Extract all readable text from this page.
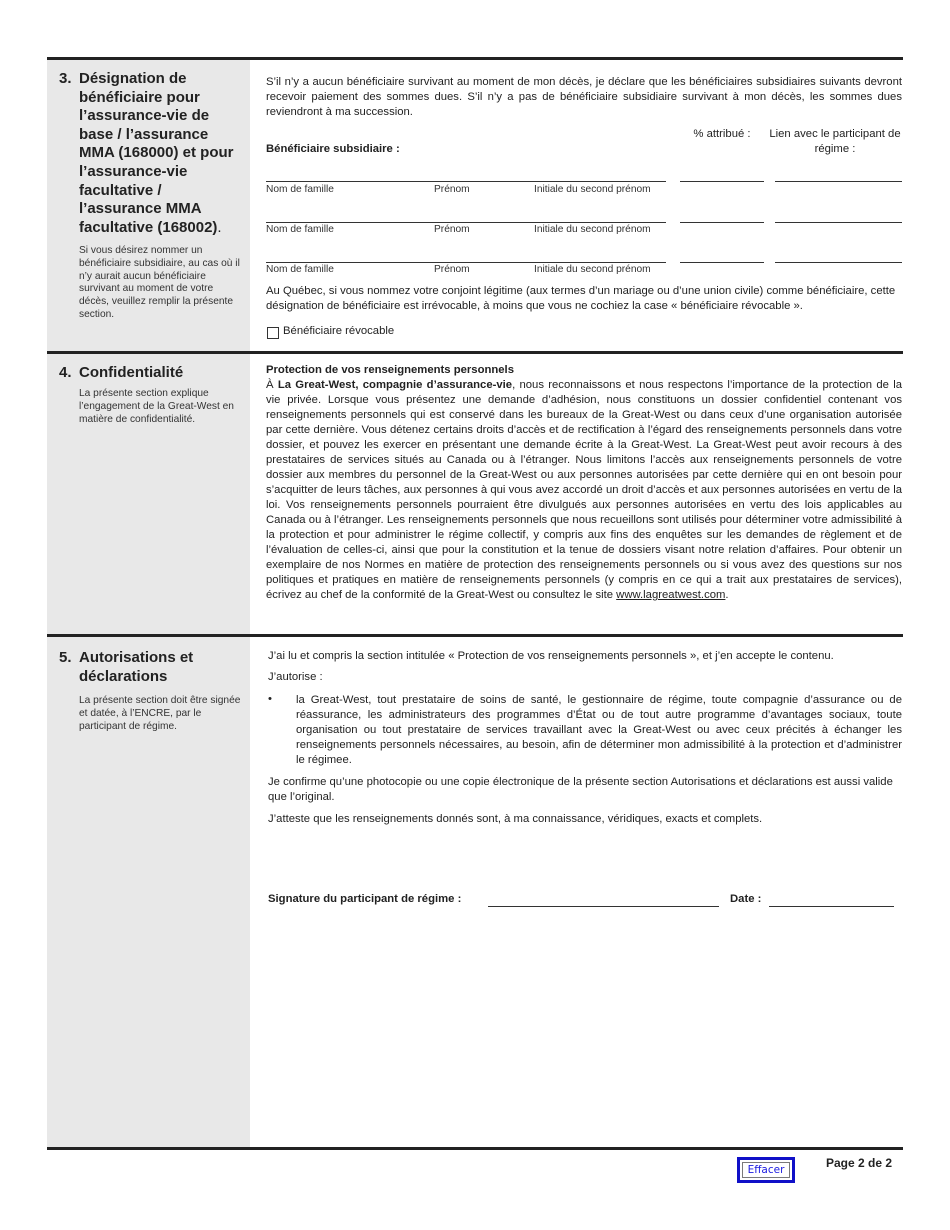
3. Désignation de bénéficiaire pour l’assurance-vie de base / l’assurance MMA (168000) et pour l’assurance-vie facultative / l’assurance MMA facultative (168002).
Si vous désirez nommer un bénéficiaire subsidiaire, au cas où il n’y aurait aucun bénéficiaire survivant au moment de votre décès, veuillez remplir la présente section.

S’il n’y a aucun bénéficiaire survivant au moment de mon décès, je déclare que les bénéficiaires subsidiaires suivants devront recevoir paiement des sommes dues. S’il n’y a pas de bénéficiaire subsidiaire survivant à mon décès, les sommes dues reviendront à ma succession.

% attribué :	Lien avec le participant de régime :
Bénéficiaire subsidiaire :
Nom de famille	Prénom	Initiale du second prénom
Nom de famille	Prénom	Initiale du second prénom
Nom de famille	Prénom	Initiale du second prénom

Au Québec, si vous nommez votre conjoint légitime (aux termes d’un mariage ou d’une union civile) comme bénéficiaire, cette désignation de bénéficiaire est irrévocable, à moins que vous ne cochiez la case « bénéficiaire révocable ».

Bénéficiaire révocable
4. Confidentialité
La présente section explique l’engagement de la Great-West en matière de confidentialité.
Protection de vos renseignements personnels

À La Great-West, compagnie d’assurance-vie, nous reconnaissons et nous respectons l’importance de la protection de la vie privée. Lorsque vous présentez une demande d’adhésion, nous constituons un dossier confidentiel contenant vos renseignements personnels qui est conservé dans les bureaux de la Great-West ou dans ceux d’une organisation autorisée par cette dernière. Vous détenez certains droits d’accès et de rectification à l’égard des renseignements personnels dans votre dossier, et pouvez les exercer en présentant une demande écrite à la Great-West. La Great-West peut avoir recours à des prestataires de services situés au Canada ou à l’étranger. Nous limitons l’accès aux renseignements personnels de votre dossier aux membres du personnel de la Great-West ou aux personnes autorisées par cette dernière qui en ont besoin pour s’acquitter de leurs tâches, aux personnes à qui vous avez accordé un droit d’accès et aux personnes autorisées en vertu de la loi. Vos renseignements personnels pourraient être divulgués aux personnes autorisées en vertu des lois applicables au Canada ou à l’étranger. Les renseignements personnels que nous recueillons sont utilisés pour déterminer votre admissibilité à la protection et pour administrer le régime collectif, y compris aux fins des enquêtes sur les demandes de règlement et de l’évaluation de celles-ci, ainsi que pour la constitution et la tenue de dossiers visant notre relation d’affaires. Pour obtenir un exemplaire de nos Normes en matière de protection des renseignements personnels ou si vous avez des questions sur nos politiques et pratiques en matière de renseignements personnels (y compris en ce qui a trait aux prestataires de services), écrivez au chef de la conformité de la Great-West ou consultez le site www.lagreatwest.com.

5. Autorisations et déclarations
La présente section doit être signée et datée, à l’ENCRE, par le participant de régime.

J’ai lu et compris la section intitulée « Protection de vos renseignements personnels », et j’en accepte le contenu.

J’autorise :

• la Great-West, tout prestataire de soins de santé, le gestionnaire de régime, toute compagnie d’assurance ou de réassurance, les administrateurs des programmes d’État ou de tout autre programme d’avantages sociaux, toute organisation ou tout prestataire de services travaillant avec la Great-West ou avec ceux précités à échanger les renseignements personnels nécessaires, au besoin, afin de déterminer mon admissibilité à la protection et d’administrer le régimee.

Je confirme qu’une photocopie ou une copie électronique de la présente section Autorisations et déclarations est aussi valide que l’original.

J’atteste que les renseignements donnés sont, à ma connaissance, véridiques, exacts et complets.

Signature du participant de régime :	Date :
Effacer	Page 2 de 2
